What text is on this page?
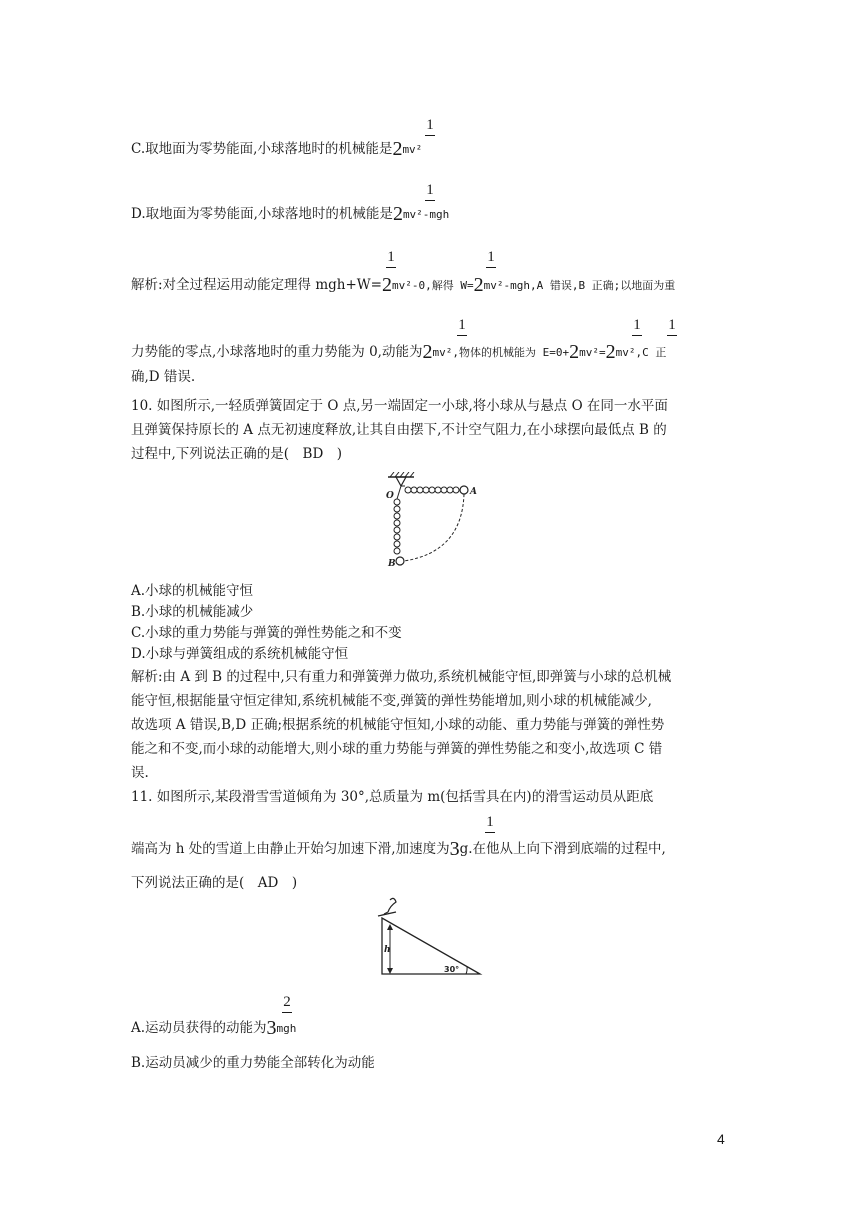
1
C.取地面为零势能面,小球落地时的机械能是2mv²
1
D.取地面为零势能面,小球落地时的机械能是2mv²-mgh
1	1
解析:对全过程运用动能定理得 mgh+W=2mv²-0,解得 W=2mv²-mgh,A 错误,B 正确;以地面为重
1	1 1
力势能的零点,小球落地时的重力势能为 0,动能为2mv²,物体的机械能为 E=0+2mv²=2mv²,C 正
确,D 错误.
10. 如图所示,一轻质弹簧固定于 O 点,另一端固定一小球,将小球从与悬点 O 在同一水平面
且弹簧保持原长的 A 点无初速度释放,让其自由摆下,不计空气阻力,在小球摆向最低点 B 的
过程中,下列说法正确的是(　BD　)
O	A
B
A.小球的机械能守恒
B.小球的机械能减少
C.小球的重力势能与弹簧的弹性势能之和不变
D.小球与弹簧组成的系统机械能守恒
解析:由 A 到 B 的过程中,只有重力和弹簧弹力做功,系统机械能守恒,即弹簧与小球的总机械
能守恒,根据能量守恒定律知,系统机械能不变,弹簧的弹性势能增加,则小球的机械能减少,
故选项 A 错误,B,D 正确;根据系统的机械能守恒知,小球的动能、重力势能与弹簧的弹性势
能之和不变,而小球的动能增大,则小球的重力势能与弹簧的弹性势能之和变小,故选项 C 错
误.
11. 如图所示,某段滑雪雪道倾角为 30°,总质量为 m(包括雪具在内)的滑雪运动员从距底
1
端高为 h 处的雪道上由静止开始匀加速下滑,加速度为3g.在他从上向下滑到底端的过程中,
下列说法正确的是(　AD　)
h
30°
2
A.运动员获得的动能为3mgh
B.运动员减少的重力势能全部转化为动能
4
